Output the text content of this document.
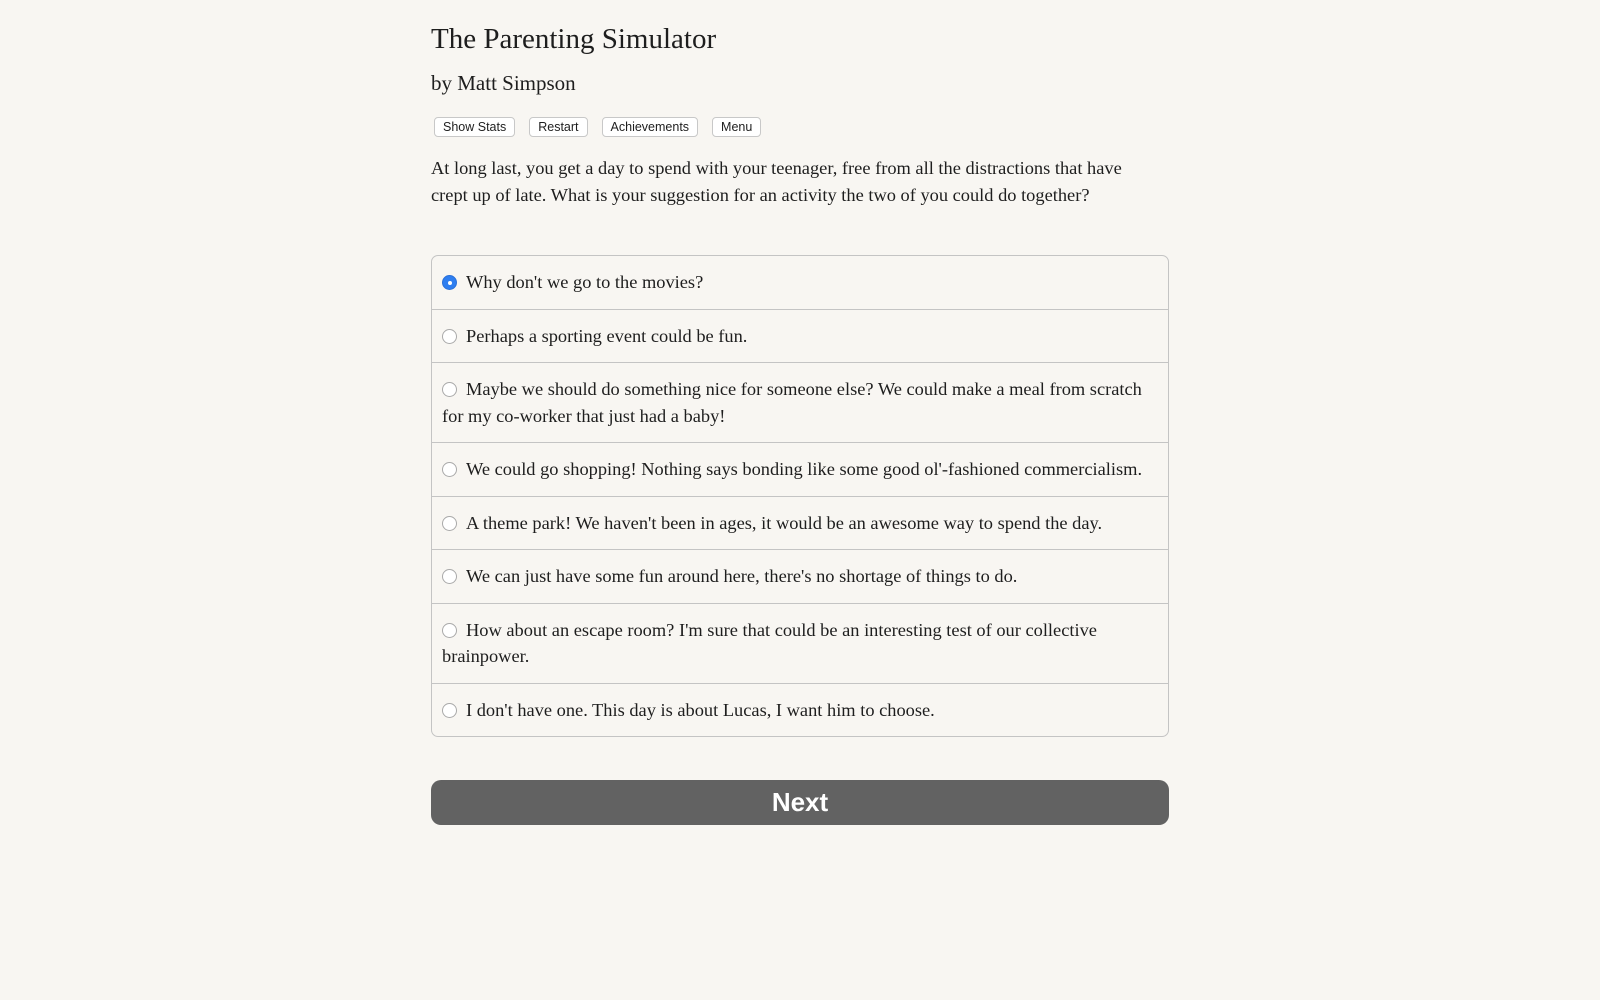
The Parenting Simulator
by Matt Simpson
Show Stats	Restart	Achievements	Menu

At long last, you get a day to spend with your teenager, free from all the distractions that have crept up of late. What is your suggestion for an activity the two of you could do together?

Why don't we go to the movies?
Perhaps a sporting event could be fun.
Maybe we should do something nice for someone else? We could make a meal from scratch for my co-worker that just had a baby!
We could go shopping! Nothing says bonding like some good ol'-fashioned commercialism.
A theme park! We haven't been in ages, it would be an awesome way to spend the day.
We can just have some fun around here, there's no shortage of things to do.
How about an escape room? I'm sure that could be an interesting test of our collective brainpower.
I don't have one. This day is about Lucas, I want him to choose.
Next
